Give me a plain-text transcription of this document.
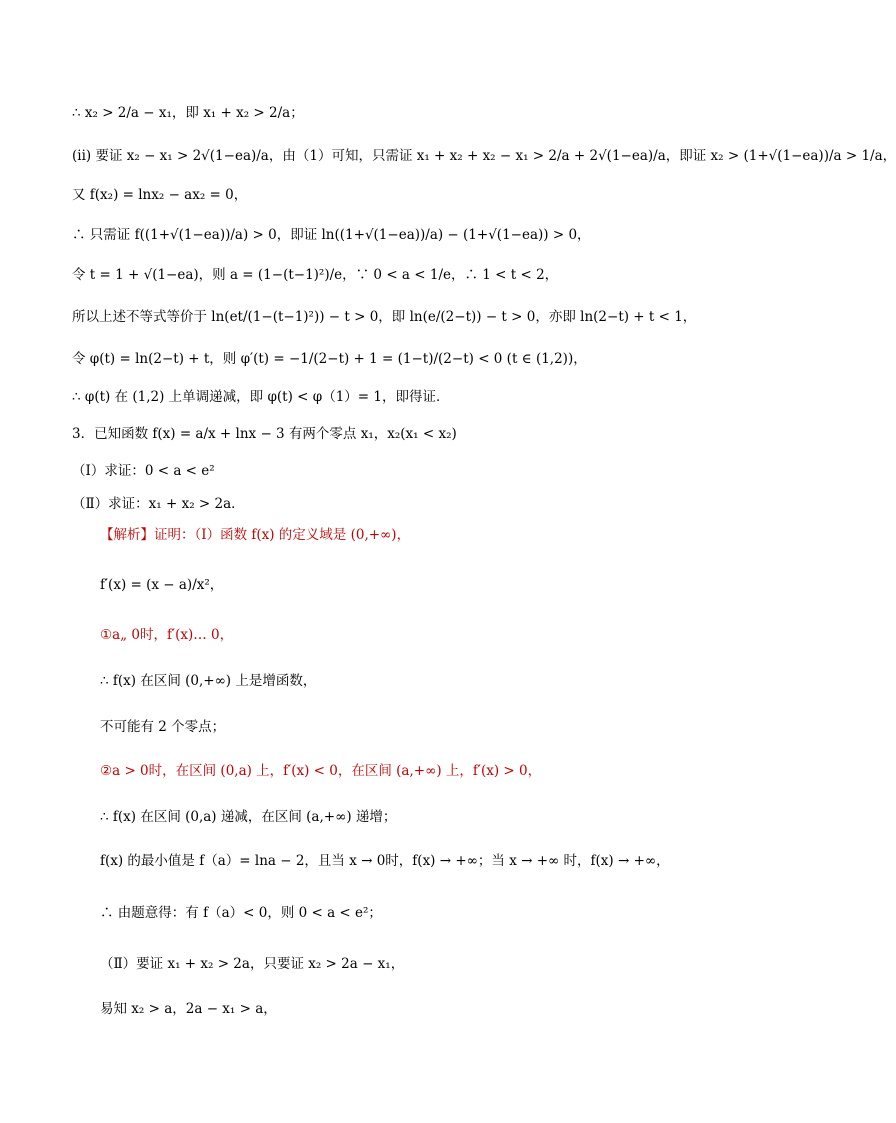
∴ x₂ > 2/a − x₁，即 x₁ + x₂ > 2/a；
(ii) 要证 x₂ − x₁ > 2√(1−ea)/a，由（1）可知，只需证 x₁ + x₂ + x₂ − x₁ > 2/a + 2√(1−ea)/a，即证 x₂ > (1+√(1−ea))/a > 1/a，
又 f(x₂) = lnx₂ − ax₂ = 0，
∴ 只需证 f((1+√(1−ea))/a) > 0，即证 ln((1+√(1−ea))/a) − (1+√(1−ea)) > 0，
令 t = 1 + √(1−ea)，则 a = (1−(t−1)²)/e，∵ 0 < a < 1/e，∴ 1 < t < 2，
所以上述不等式等价于 ln(et/(1−(t−1)²)) − t > 0，即 ln(e/(2−t)) − t > 0，亦即 ln(2−t) + t < 1，
令 φ(t) = ln(2−t) + t，则 φ′(t) = −1/(2−t) + 1 = (1−t)/(2−t) < 0 (t ∈ (1,2))，
∴ φ(t) 在 (1,2) 上单调递减，即 φ(t) < φ（1）= 1，即得证．
3．已知函数 f(x) = a/x + lnx − 3 有两个零点 x₁，x₂(x₁ < x₂)
（Ⅰ）求证：0 < a < e²
（Ⅱ）求证：x₁ + x₂ > 2a．
【解析】证明：（Ⅰ）函数 f(x) 的定义域是 (0,+∞)，
f′(x) = (x − a)/x²，
①a„ 0时，f′(x)… 0，
∴ f(x) 在区间 (0,+∞) 上是增函数，
不可能有 2 个零点；
②a > 0时，在区间 (0,a) 上，f′(x) < 0，在区间 (a,+∞) 上，f′(x) > 0，
∴ f(x) 在区间 (0,a) 递减，在区间 (a,+∞) 递增；
f(x) 的最小值是 f（a）= lna − 2，且当 x → 0时，f(x) → +∞；当 x → +∞ 时，f(x) → +∞，
∴ 由题意得：有 f（a）< 0，则 0 < a < e²；
（Ⅱ）要证 x₁ + x₂ > 2a，只要证 x₂ > 2a − x₁，
易知 x₂ > a，2a − x₁ > a，
